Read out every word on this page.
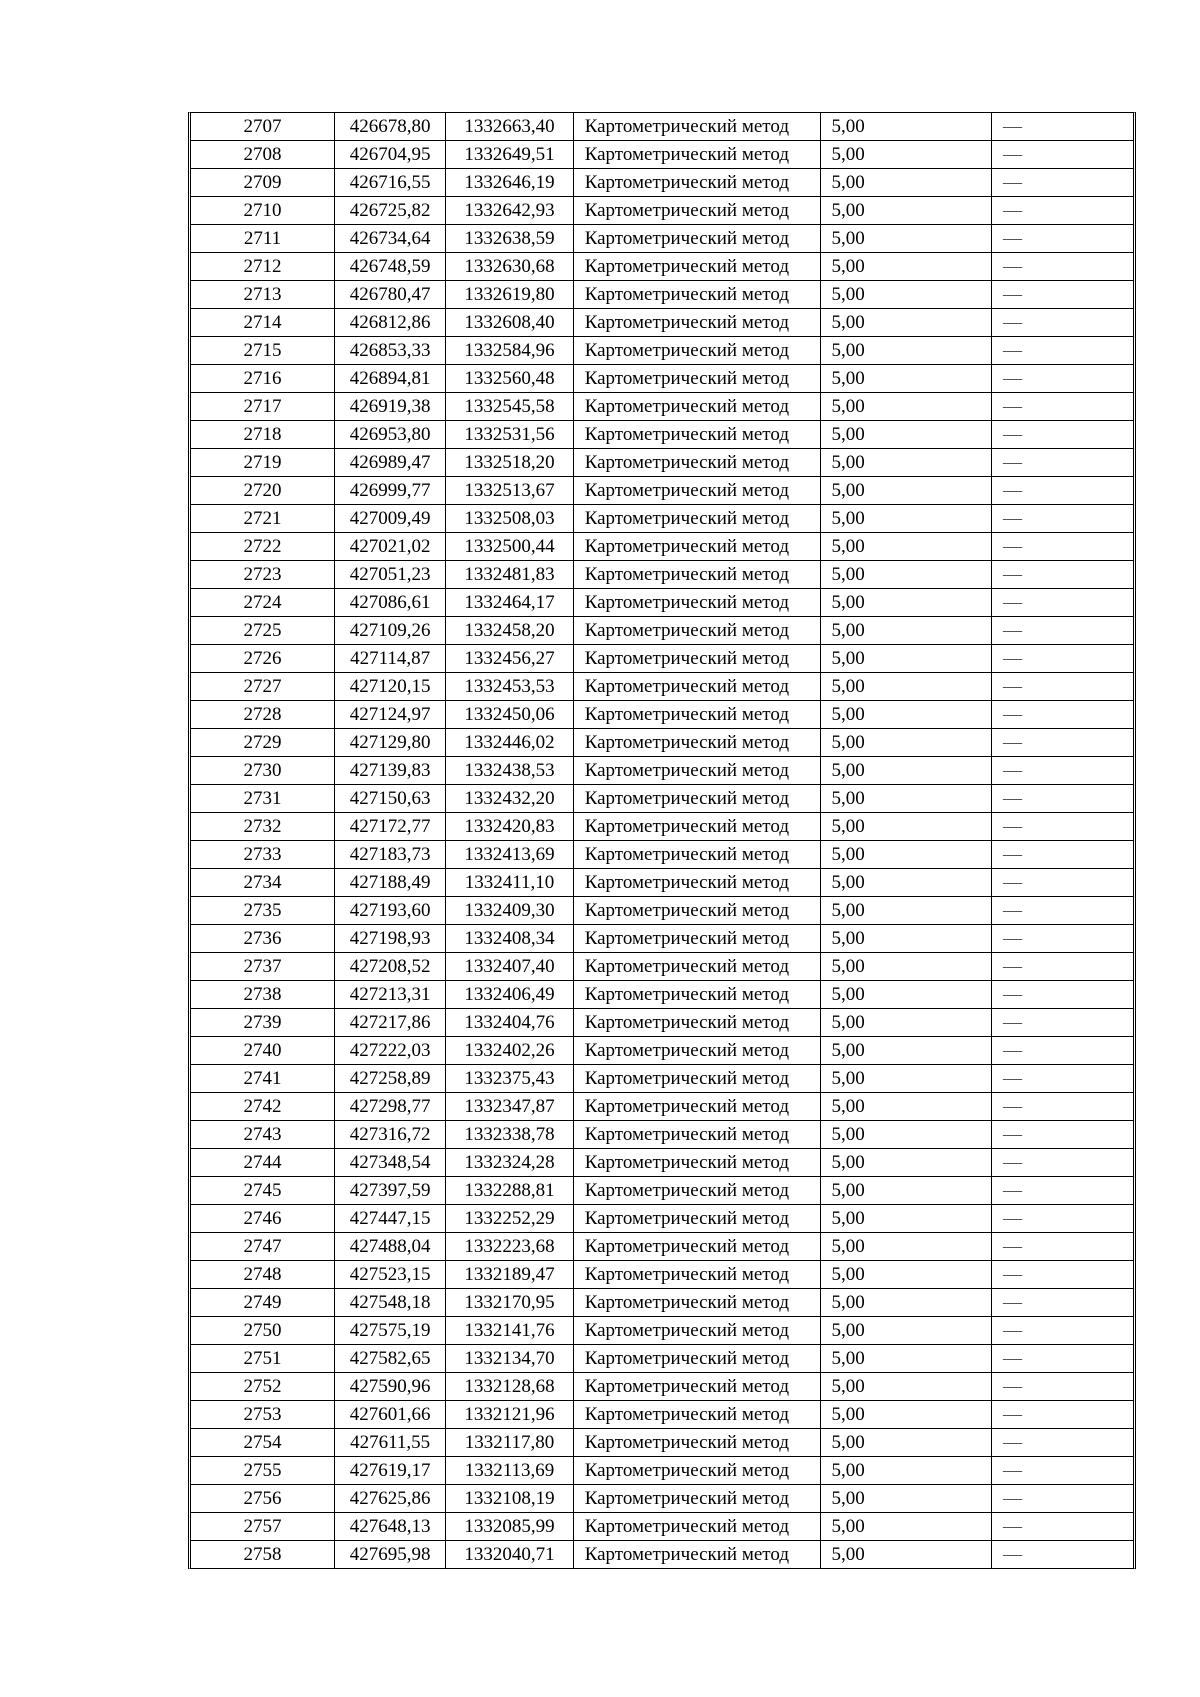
2707	426678,80	1332663,40	Картометрический метод	5,00	—
2708	426704,95	1332649,51	Картометрический метод	5,00	—
2709	426716,55	1332646,19	Картометрический метод	5,00	—
2710	426725,82	1332642,93	Картометрический метод	5,00	—
2711	426734,64	1332638,59	Картометрический метод	5,00	—
2712	426748,59	1332630,68	Картометрический метод	5,00	—
2713	426780,47	1332619,80	Картометрический метод	5,00	—
2714	426812,86	1332608,40	Картометрический метод	5,00	—
2715	426853,33	1332584,96	Картометрический метод	5,00	—
2716	426894,81	1332560,48	Картометрический метод	5,00	—
2717	426919,38	1332545,58	Картометрический метод	5,00	—
2718	426953,80	1332531,56	Картометрический метод	5,00	—
2719	426989,47	1332518,20	Картометрический метод	5,00	—
2720	426999,77	1332513,67	Картометрический метод	5,00	—
2721	427009,49	1332508,03	Картометрический метод	5,00	—
2722	427021,02	1332500,44	Картометрический метод	5,00	—
2723	427051,23	1332481,83	Картометрический метод	5,00	—
2724	427086,61	1332464,17	Картометрический метод	5,00	—
2725	427109,26	1332458,20	Картометрический метод	5,00	—
2726	427114,87	1332456,27	Картометрический метод	5,00	—
2727	427120,15	1332453,53	Картометрический метод	5,00	—
2728	427124,97	1332450,06	Картометрический метод	5,00	—
2729	427129,80	1332446,02	Картометрический метод	5,00	—
2730	427139,83	1332438,53	Картометрический метод	5,00	—
2731	427150,63	1332432,20	Картометрический метод	5,00	—
2732	427172,77	1332420,83	Картометрический метод	5,00	—
2733	427183,73	1332413,69	Картометрический метод	5,00	—
2734	427188,49	1332411,10	Картометрический метод	5,00	—
2735	427193,60	1332409,30	Картометрический метод	5,00	—
2736	427198,93	1332408,34	Картометрический метод	5,00	—
2737	427208,52	1332407,40	Картометрический метод	5,00	—
2738	427213,31	1332406,49	Картометрический метод	5,00	—
2739	427217,86	1332404,76	Картометрический метод	5,00	—
2740	427222,03	1332402,26	Картометрический метод	5,00	—
2741	427258,89	1332375,43	Картометрический метод	5,00	—
2742	427298,77	1332347,87	Картометрический метод	5,00	—
2743	427316,72	1332338,78	Картометрический метод	5,00	—
2744	427348,54	1332324,28	Картометрический метод	5,00	—
2745	427397,59	1332288,81	Картометрический метод	5,00	—
2746	427447,15	1332252,29	Картометрический метод	5,00	—
2747	427488,04	1332223,68	Картометрический метод	5,00	—
2748	427523,15	1332189,47	Картометрический метод	5,00	—
2749	427548,18	1332170,95	Картометрический метод	5,00	—
2750	427575,19	1332141,76	Картометрический метод	5,00	—
2751	427582,65	1332134,70	Картометрический метод	5,00	—
2752	427590,96	1332128,68	Картометрический метод	5,00	—
2753	427601,66	1332121,96	Картометрический метод	5,00	—
2754	427611,55	1332117,80	Картометрический метод	5,00	—
2755	427619,17	1332113,69	Картометрический метод	5,00	—
2756	427625,86	1332108,19	Картометрический метод	5,00	—
2757	427648,13	1332085,99	Картометрический метод	5,00	—
2758	427695,98	1332040,71	Картометрический метод	5,00	—
